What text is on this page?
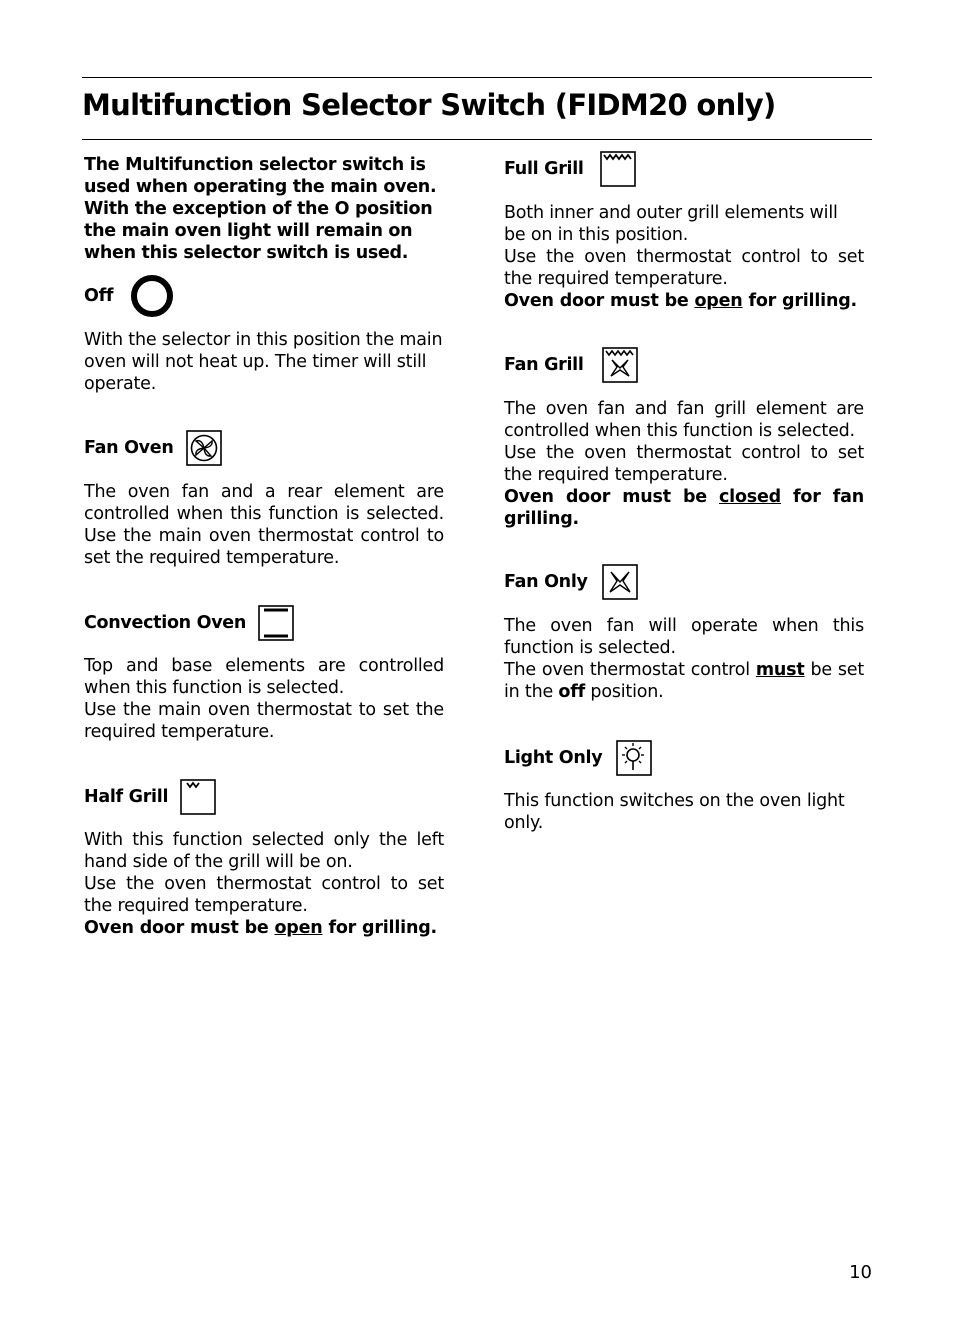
Multifunction Selector Switch (FIDM20 only)
The Multifunction selector switch is used when operating the main oven. With the exception of the O position the main oven light will remain on when this selector switch is used.
Off

With the selector in this position the main oven will not heat up. The timer will still operate.

Fan Oven

The oven fan and a rear element are controlled when this function is selected. Use the main oven thermostat control to set the required temperature.

Convection Oven

Top and base elements are controlled when this function is selected.

Use the main oven thermostat to set the required temperature.

Half Grill

With this function selected only the left hand side of the grill will be on.

Use the oven thermostat control to set the required temperature.

Oven door must be open for grilling.

Full Grill

Both inner and outer grill elements will be on in this position.

Use the oven thermostat control to set the required temperature.

Oven door must be open for grilling.

Fan Grill

The oven fan and fan grill element are controlled when this function is selected.

Use the oven thermostat control to set the required temperature.

Oven door must be closed for fan grilling.

Fan Only

The oven fan will operate when this function is selected.

The oven thermostat control must be set in the off position.

Light Only

This function switches on the oven light only.

10
